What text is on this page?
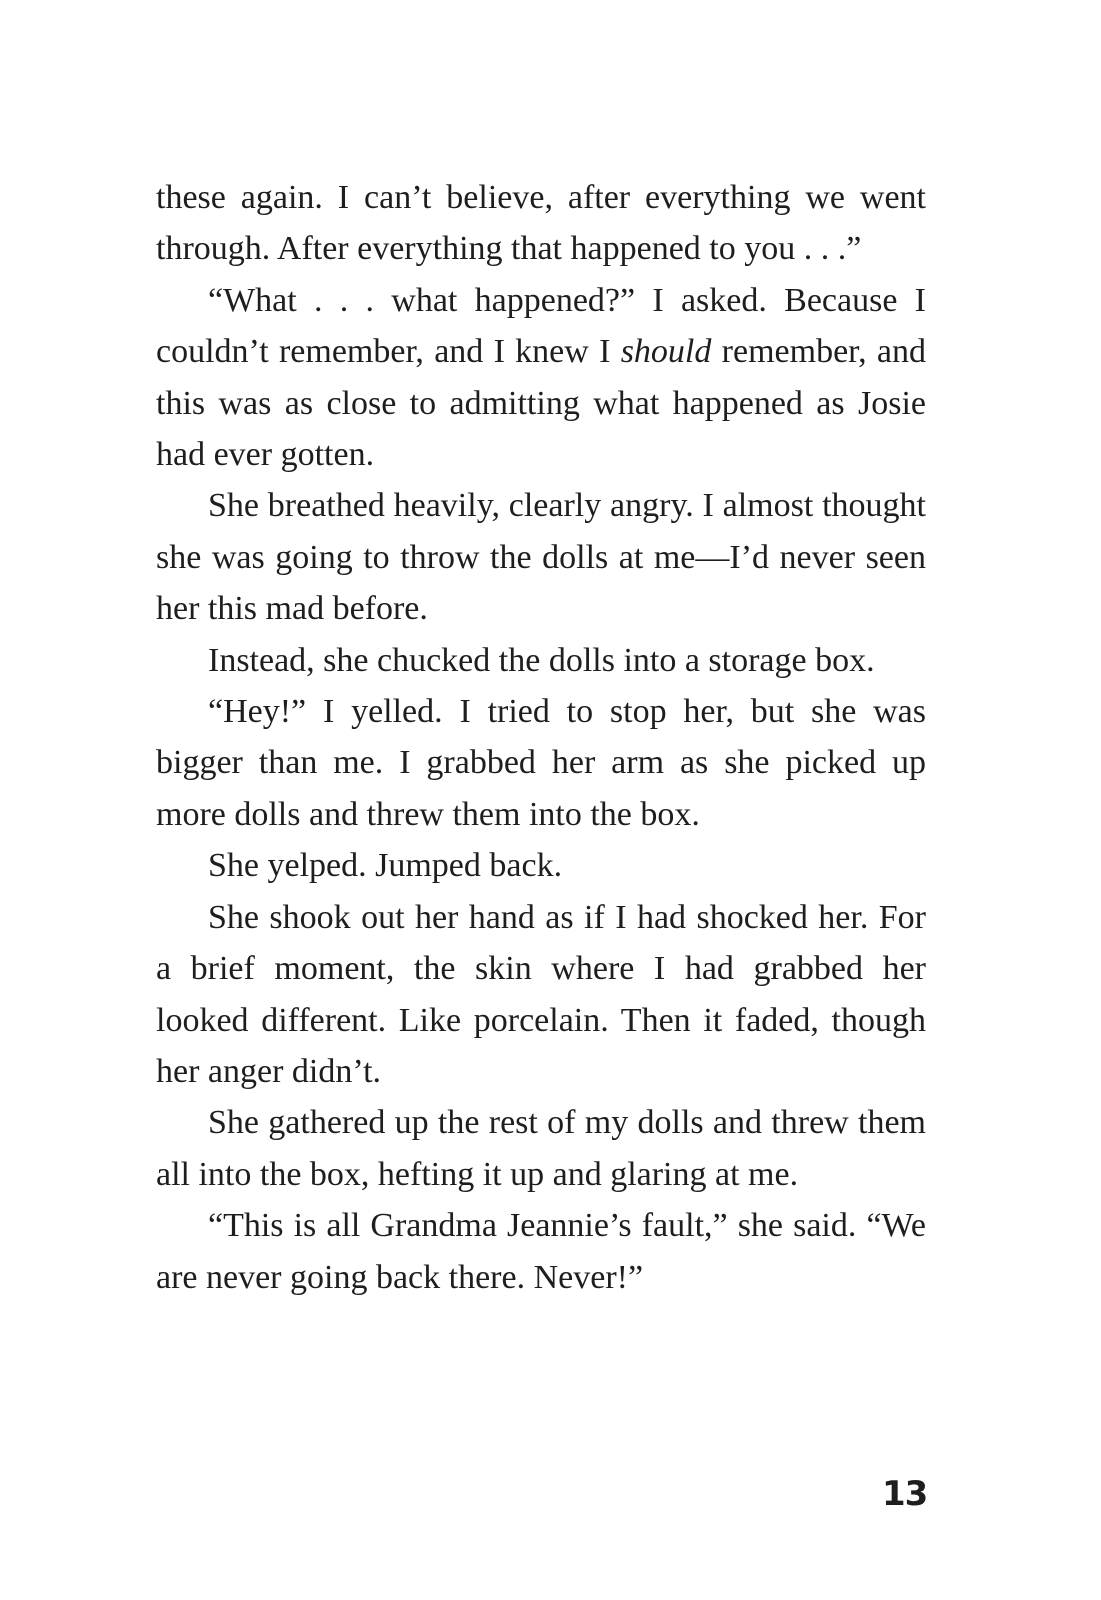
these again. I can’t believe, after everything we went through. After everything that happened to you . . .”

“What . . . what happened?” I asked. Because I couldn’t remember, and I knew I should remember, and this was as close to admitting what happened as Josie had ever gotten.

She breathed heavily, clearly angry. I almost thought she was going to throw the dolls at me—I’d never seen her this mad before.

Instead, she chucked the dolls into a storage box.

“Hey!” I yelled. I tried to stop her, but she was bigger than me. I grabbed her arm as she picked up more dolls and threw them into the box.

She yelped. Jumped back.

She shook out her hand as if I had shocked her. For a brief moment, the skin where I had grabbed her looked different. Like porcelain. Then it faded, though her anger didn’t.

She gathered up the rest of my dolls and threw them all into the box, hefting it up and glaring at me.

“This is all Grandma Jeannie’s fault,” she said. “We are never going back there. Never!”

13
